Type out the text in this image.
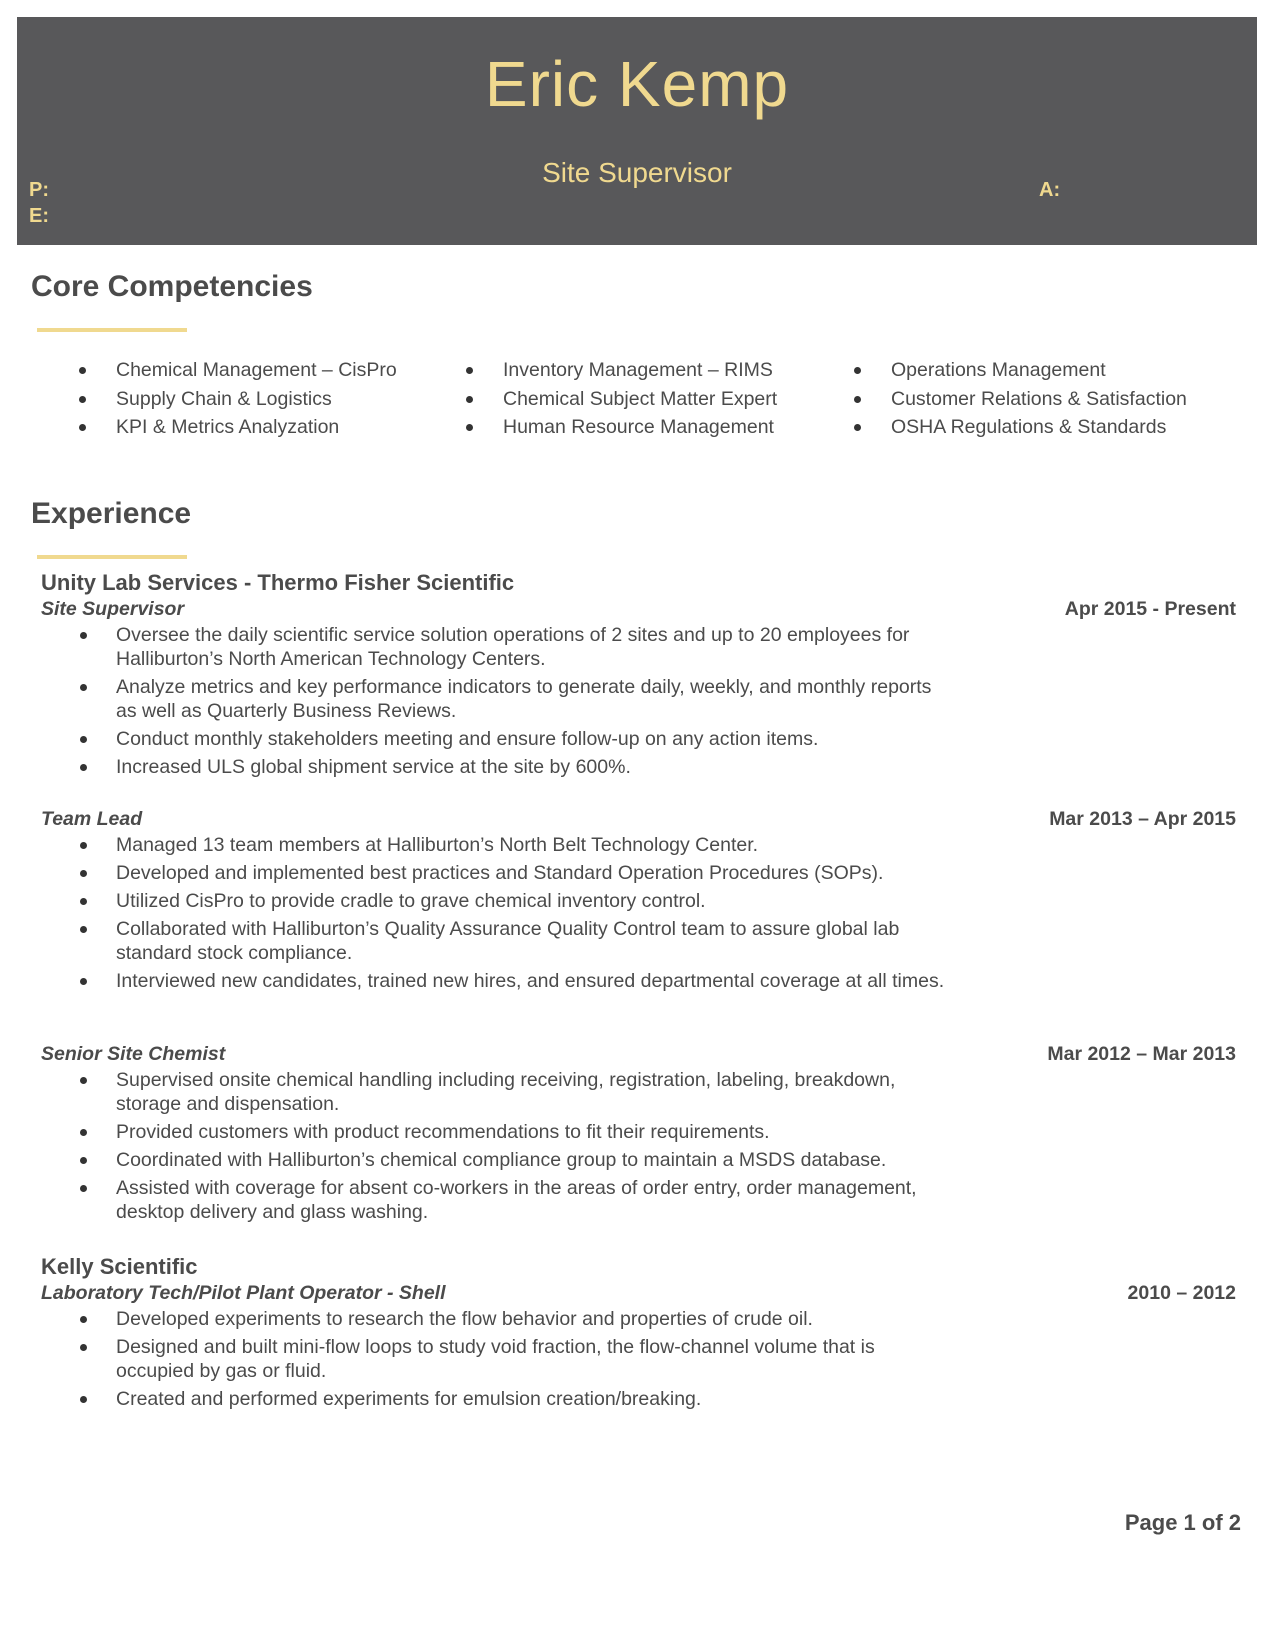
Eric Kemp
Site Supervisor
P:
E:
A:
Core Competencies
Chemical Management – CisPro
Supply Chain & Logistics
KPI & Metrics Analyzation
Inventory Management – RIMS
Chemical Subject Matter Expert
Human Resource Management
Operations Management
Customer Relations & Satisfaction
OSHA Regulations & Standards
Experience
Unity Lab Services - Thermo Fisher Scientific
Site Supervisor	Apr 2015 - Present
Oversee the daily scientific service solution operations of 2 sites and up to 20 employees for Halliburton’s North American Technology Centers.
Analyze metrics and key performance indicators to generate daily, weekly, and monthly reports as well as Quarterly Business Reviews.
Conduct monthly stakeholders meeting and ensure follow-up on any action items.
Increased ULS global shipment service at the site by 600%.
Team Lead	Mar 2013 – Apr 2015
Managed 13 team members at Halliburton’s North Belt Technology Center.
Developed and implemented best practices and Standard Operation Procedures (SOPs).
Utilized CisPro to provide cradle to grave chemical inventory control.
Collaborated with Halliburton’s Quality Assurance Quality Control team to assure global lab standard stock compliance.
Interviewed new candidates, trained new hires, and ensured departmental coverage at all times.
Senior Site Chemist	Mar 2012 – Mar 2013
Supervised onsite chemical handling including receiving, registration, labeling, breakdown, storage and dispensation.
Provided customers with product recommendations to fit their requirements.
Coordinated with Halliburton’s chemical compliance group to maintain a MSDS database.
Assisted with coverage for absent co-workers in the areas of order entry, order management, desktop delivery and glass washing.
Kelly Scientific
Laboratory Tech/Pilot Plant Operator - Shell	2010 – 2012
Developed experiments to research the flow behavior and properties of crude oil.
Designed and built mini-flow loops to study void fraction, the flow-channel volume that is occupied by gas or fluid.
Created and performed experiments for emulsion creation/breaking.
Page 1 of 2
